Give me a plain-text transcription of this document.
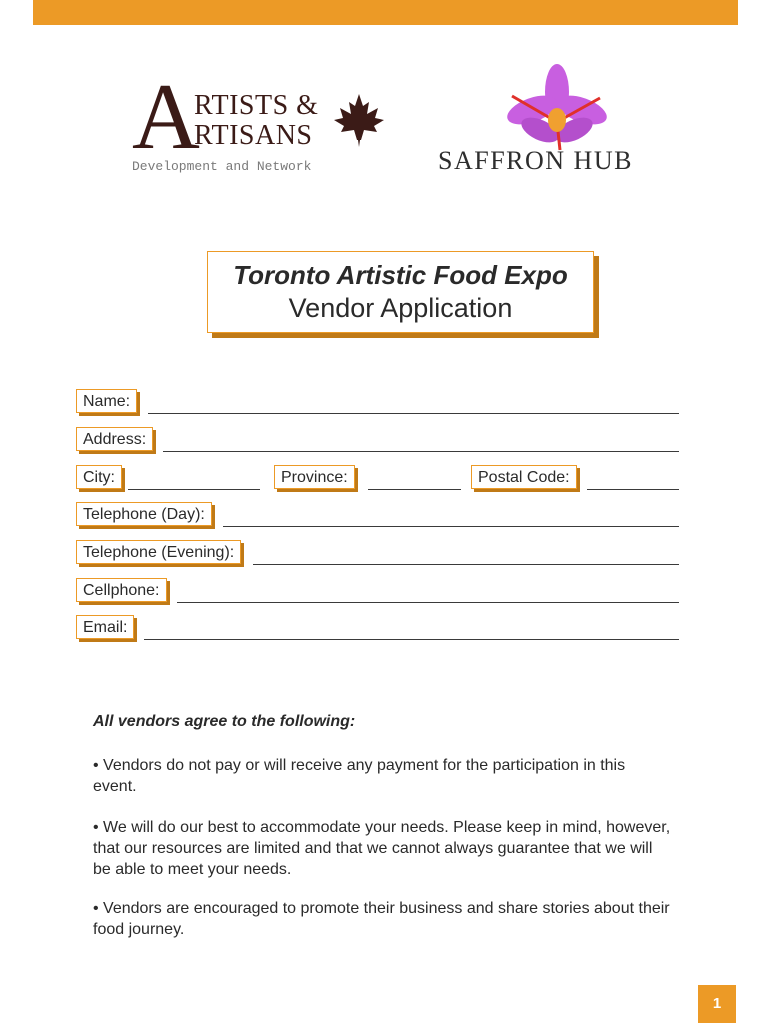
A
RTISTS &
RTISANS
Development and Network	SAFFRON HUB
Toronto Artistic Food Expo
Vendor Application
Name:
Address:
City:	Province:	Postal Code:
Telephone (Day):
Telephone (Evening):
Cellphone:
Email:
All vendors agree to the following:
• Vendors do not pay or will receive any payment for the participation in this event.
• We will do our best to accommodate your needs. Please keep in mind, however, that our resources are limited and that we cannot always guarantee that we will be able to meet your needs.
• Vendors are encouraged to promote their business and share stories about their food journey.
1
